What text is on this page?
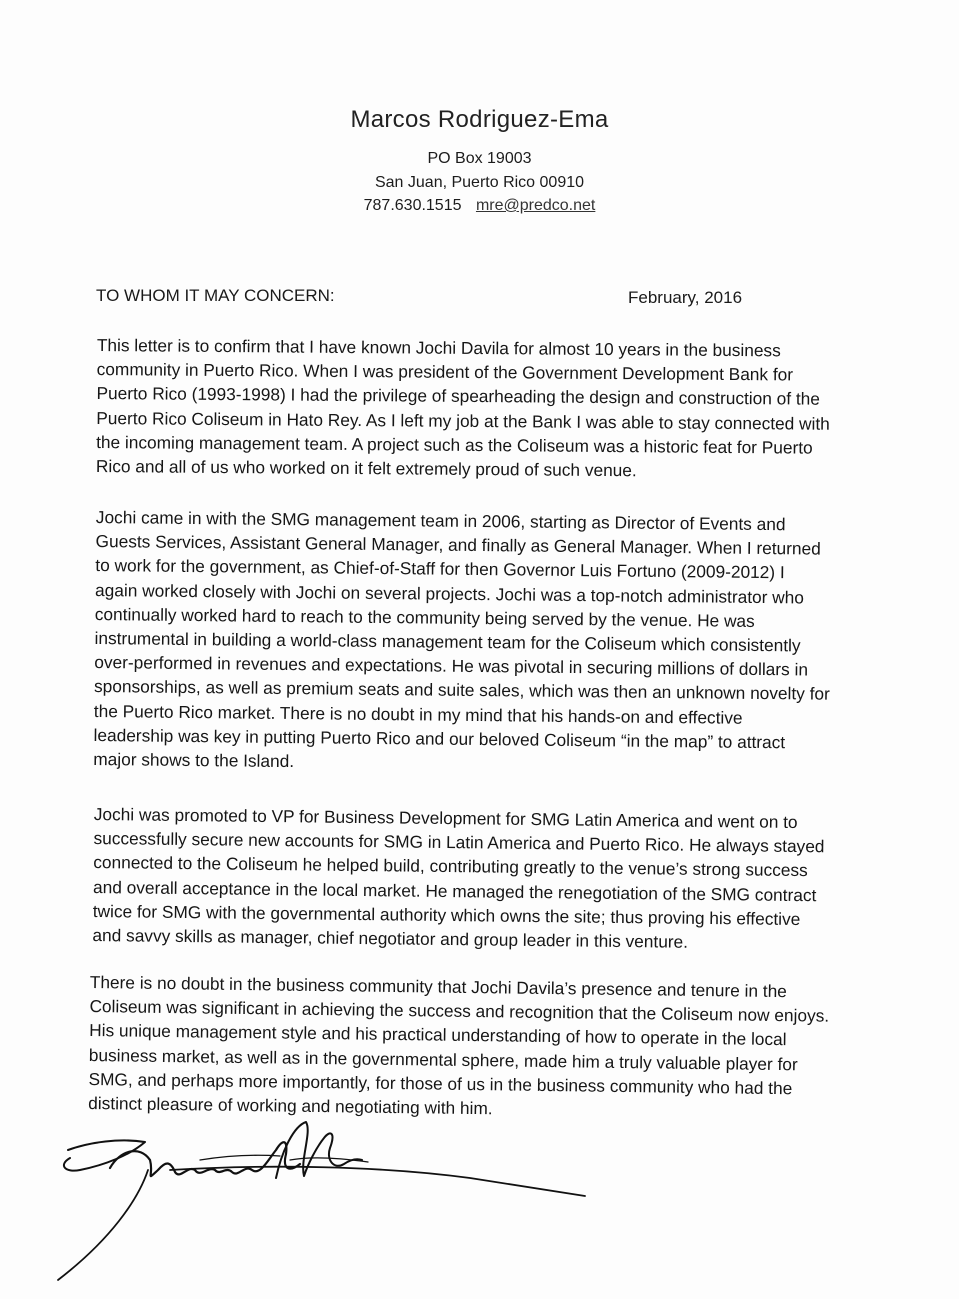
Marcos Rodriguez-Ema
PO Box 19003
San Juan, Puerto Rico 00910
787.630.1515 mre@predco.net
TO WHOM IT MAY CONCERN:	February, 2016
This letter is to confirm that I have known Jochi Davila for almost 10 years in the business
community in Puerto Rico. When I was president of the Government Development Bank for
Puerto Rico (1993-1998) I had the privilege of spearheading the design and construction of the
Puerto Rico Coliseum in Hato Rey. As I left my job at the Bank I was able to stay connected with
the incoming management team. A project such as the Coliseum was a historic feat for Puerto
Rico and all of us who worked on it felt extremely proud of such venue.
Jochi came in with the SMG management team in 2006, starting as Director of Events and
Guests Services, Assistant General Manager, and finally as General Manager. When I returned
to work for the government, as Chief-of-Staff for then Governor Luis Fortuno (2009-2012) I
again worked closely with Jochi on several projects. Jochi was a top-notch administrator who
continually worked hard to reach to the community being served by the venue. He was
instrumental in building a world-class management team for the Coliseum which consistently
over-performed in revenues and expectations. He was pivotal in securing millions of dollars in
sponsorships, as well as premium seats and suite sales, which was then an unknown novelty for
the Puerto Rico market. There is no doubt in my mind that his hands-on and effective
leadership was key in putting Puerto Rico and our beloved Coliseum “in the map” to attract
major shows to the Island.
Jochi was promoted to VP for Business Development for SMG Latin America and went on to
successfully secure new accounts for SMG in Latin America and Puerto Rico. He always stayed
connected to the Coliseum he helped build, contributing greatly to the venue’s strong success
and overall acceptance in the local market. He managed the renegotiation of the SMG contract
twice for SMG with the governmental authority which owns the site; thus proving his effective
and savvy skills as manager, chief negotiator and group leader in this venture.
There is no doubt in the business community that Jochi Davila’s presence and tenure in the
Coliseum was significant in achieving the success and recognition that the Coliseum now enjoys.
His unique management style and his practical understanding of how to operate in the local
business market, as well as in the governmental sphere, made him a truly valuable player for
SMG, and perhaps more importantly, for those of us in the business community who had the
distinct pleasure of working and negotiating with him.
